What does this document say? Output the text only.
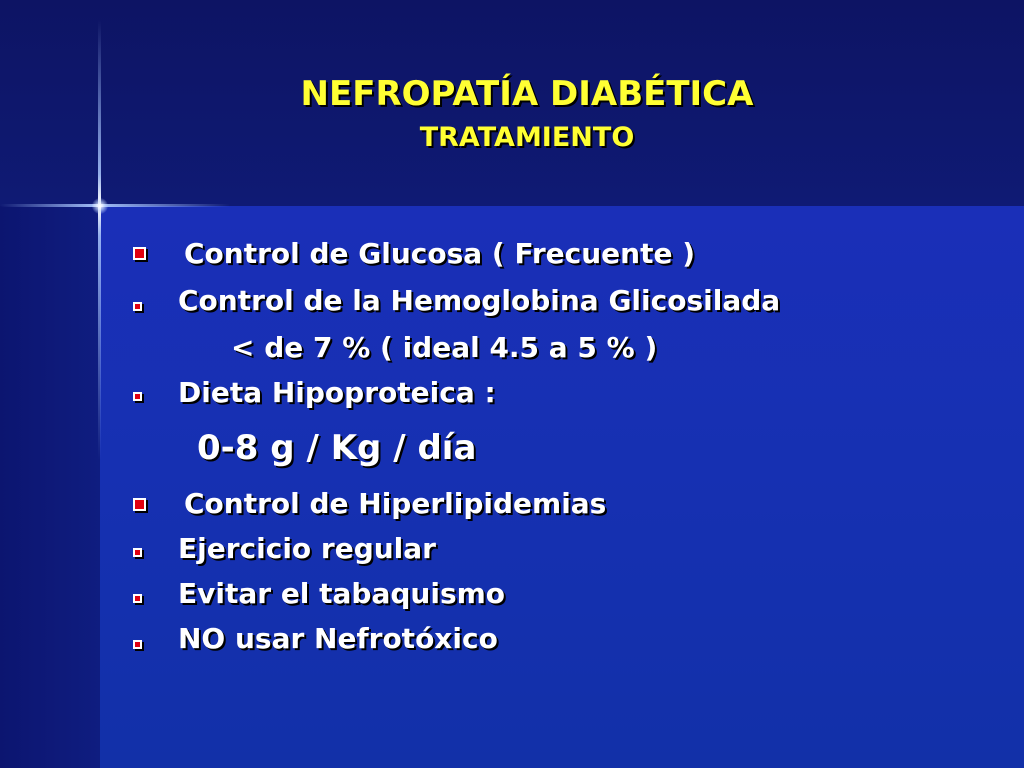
NEFROPATÍA DIABÉTICA
TRATAMIENTO
Control de Glucosa ( Frecuente )
Control de la Hemoglobina Glicosilada
< de 7 % ( ideal 4.5 a 5 % )
Dieta Hipoproteica :
0-8 g / Kg / día
Control de Hiperlipidemias
Ejercicio regular
Evitar el tabaquismo
NO usar Nefrotóxico
